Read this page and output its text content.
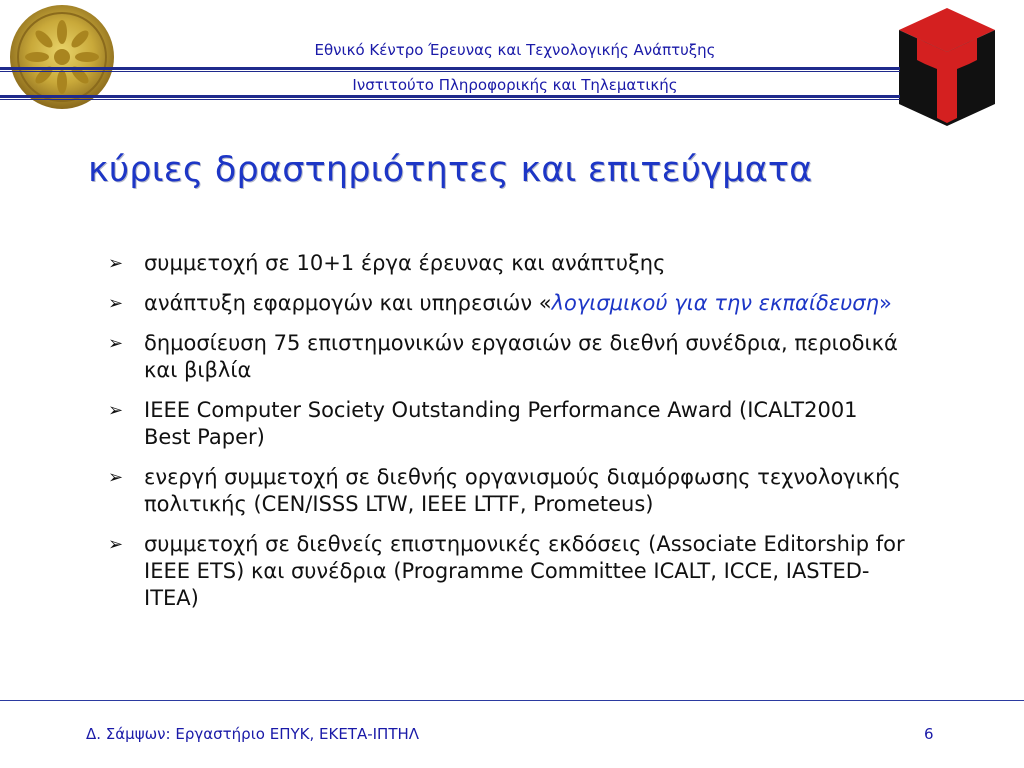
Εθνικό Κέντρο Έρευνας και Τεχνολογικής Ανάπτυξης
Ινστιτούτο Πληροφορικής και Τηλεματικής
κύριες δραστηριότητες και επιτεύγματα
➢ συμμετοχή σε 10+1 έργα έρευνας και ανάπτυξης
➢ ανάπτυξη εφαρμογών και υπηρεσιών «λογισμικού για την εκπαίδευση»
➢ δημοσίευση 75 επιστημονικών εργασιών σε διεθνή συνέδρια, περιοδικά και βιβλία
➢ IEEE Computer Society Outstanding Performance Award (ICALT2001 Best Paper)
➢ ενεργή συμμετοχή σε διεθνής οργανισμούς διαμόρφωσης τεχνολογικής πολιτικής (CEN/ISSS LTW, IEEE LTTF, Prometeus)
➢ συμμετοχή σε διεθνείς επιστημονικές εκδόσεις (Associate Editorship for IEEE ETS) και συνέδρια (Programme Committee ICALT, ICCE, IASTED-ITEA)
Δ. Σάμψων: Εργαστήριο ΕΠΥΚ, ΕΚΕΤΑ-ΙΠΤΗΛ	6
